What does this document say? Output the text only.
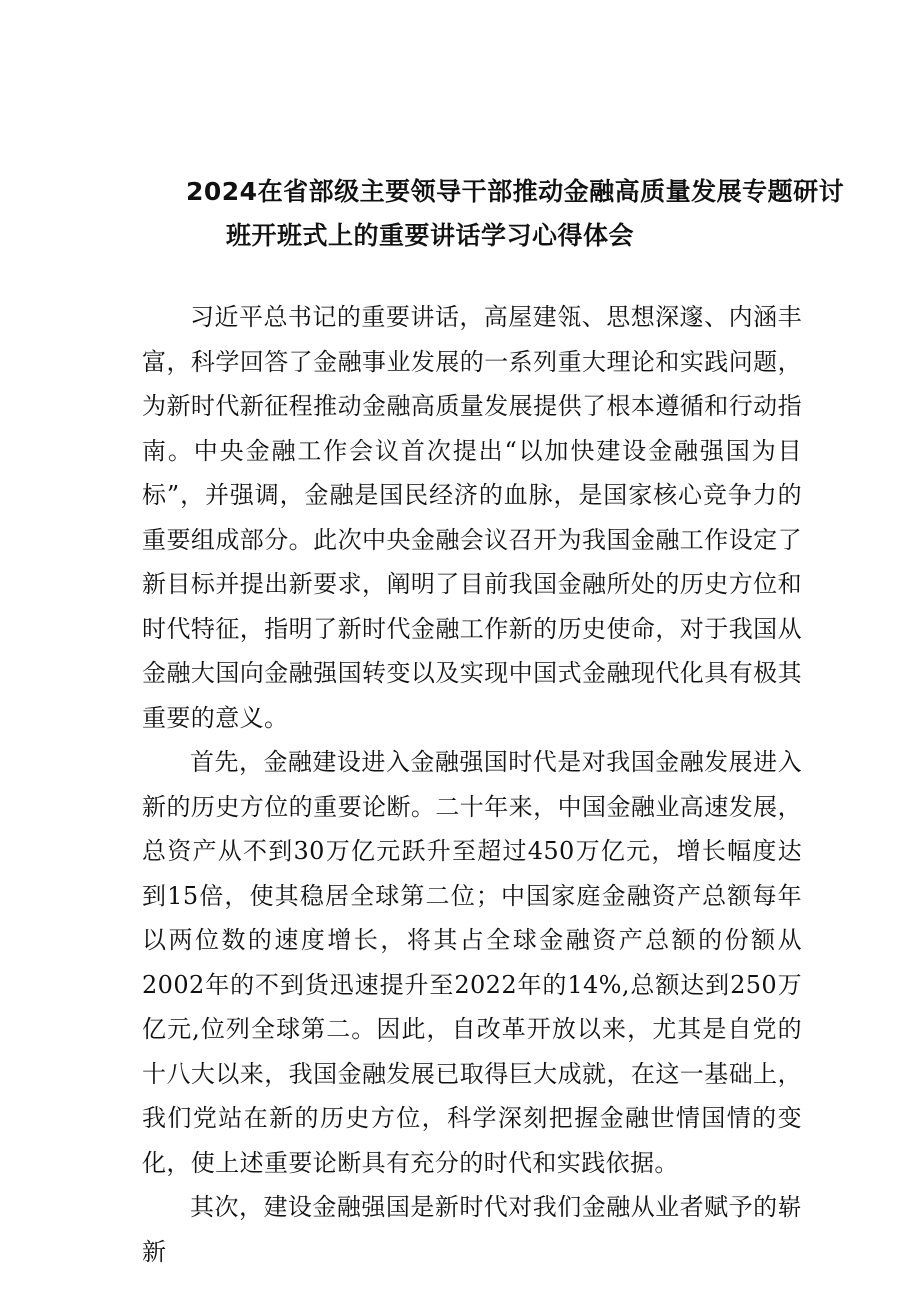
2024在省部级主要领导干部推动金融高质量发展专题研讨
班开班式上的重要讲话学习心得体会

习近平总书记的重要讲话，高屋建瓴、思想深邃、内涵丰富，科学回答了金融事业发展的一系列重大理论和实践问题，为新时代新征程推动金融高质量发展提供了根本遵循和行动指南。中央金融工作会议首次提出“以加快建设金融强国为目标”，并强调，金融是国民经济的血脉，是国家核心竞争力的重要组成部分。此次中央金融会议召开为我国金融工作设定了新目标并提出新要求，阐明了目前我国金融所处的历史方位和时代特征，指明了新时代金融工作新的历史使命，对于我国从金融大国向金融强国转变以及实现中国式金融现代化具有极其重要的意义。

首先，金融建设进入金融强国时代是对我国金融发展进入新的历史方位的重要论断。二十年来，中国金融业高速发展，总资产从不到30万亿元跃升至超过450万亿元，增长幅度达到15倍，使其稳居全球第二位；中国家庭金融资产总额每年以两位数的速度增长，将其占全球金融资产总额的份额从2002年的不到货迅速提升至2022年的14%,总额达到250万亿元,位列全球第二。因此，自改革开放以来，尤其是自党的十八大以来，我国金融发展已取得巨大成就，在这一基础上，我们党站在新的历史方位，科学深刻把握金融世情国情的变化，使上述重要论断具有充分的时代和实践依据。

其次，建设金融强国是新时代对我们金融从业者赋予的崭新
